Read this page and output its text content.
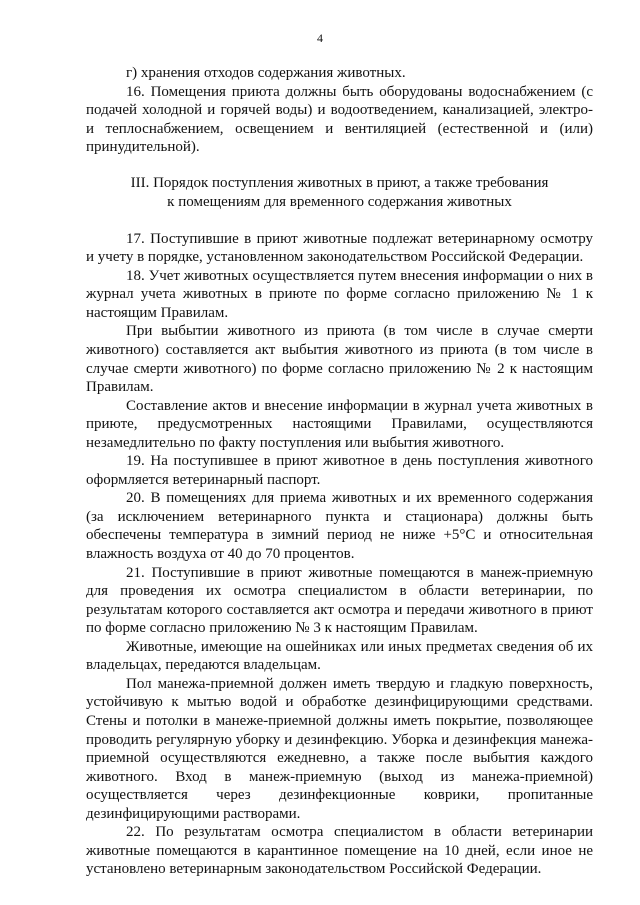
4

г) хранения отходов содержания животных.

16. Помещения приюта должны быть оборудованы водоснабжением (с подачей холодной и горячей воды) и водоотведением, канализацией, электро- и теплоснабжением, освещением и вентиляцией (естественной и (или) принудительной).

III. Порядок поступления животных в приют, а также требования
к помещениям для временного содержания животных

17. Поступившие в приют животные подлежат ветеринарному осмотру и учету в порядке, установленном законодательством Российской Федерации.

18. Учет животных осуществляется путем внесения информации о них в журнал учета животных в приюте по форме согласно приложению № 1 к настоящим Правилам.

При выбытии животного из приюта (в том числе в случае смерти животного) составляется акт выбытия животного из приюта (в том числе в случае смерти животного) по форме согласно приложению № 2 к настоящим Правилам.

Составление актов и внесение информации в журнал учета животных в приюте, предусмотренных настоящими Правилами, осуществляются незамедлительно по факту поступления или выбытия животного.

19. На поступившее в приют животное в день поступления животного оформляется ветеринарный паспорт.

20. В помещениях для приема животных и их временного содержания (за исключением ветеринарного пункта и стационара) должны быть обеспечены температура в зимний период не ниже +5°С и относительная влажность воздуха от 40 до 70 процентов.

21. Поступившие в приют животные помещаются в манеж-приемную для проведения их осмотра специалистом в области ветеринарии, по результатам которого составляется акт осмотра и передачи животного в приют по форме согласно приложению № 3 к настоящим Правилам.

Животные, имеющие на ошейниках или иных предметах сведения об их владельцах, передаются владельцам.

Пол манежа-приемной должен иметь твердую и гладкую поверхность, устойчивую к мытью водой и обработке дезинфицирующими средствами. Стены и потолки в манеже-приемной должны иметь покрытие, позволяющее проводить регулярную уборку и дезинфекцию. Уборка и дезинфекция манежа-приемной осуществляются ежедневно, а также после выбытия каждого животного. Вход в манеж-приемную (выход из манежа-приемной) осуществляется через дезинфекционные коврики, пропитанные дезинфицирующими растворами.

22. По результатам осмотра специалистом в области ветеринарии животные помещаются в карантинное помещение на 10 дней, если иное не установлено ветеринарным законодательством Российской Федерации.
